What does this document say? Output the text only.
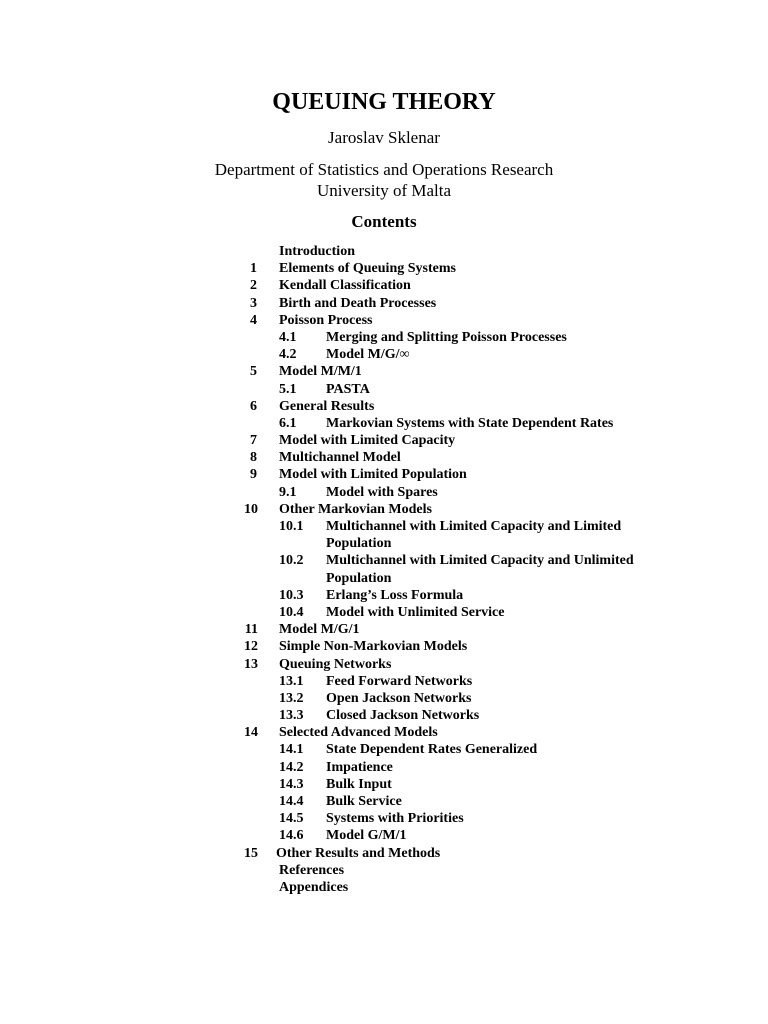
QUEUING THEORY
Jaroslav Sklenar
Department of Statistics and Operations Research
University of Malta
Contents
Introduction
1 Elements of Queuing Systems
2 Kendall Classification
3 Birth and Death Processes
4 Poisson Process
4.1 Merging and Splitting Poisson Processes
4.2 Model M/G/∞
5 Model M/M/1
5.1 PASTA
6 General Results
6.1 Markovian Systems with State Dependent Rates
7 Model with Limited Capacity
8 Multichannel Model
9 Model with Limited Population
9.1 Model with Spares
10 Other Markovian Models
10.1 Multichannel with Limited Capacity and Limited
Population
10.2 Multichannel with Limited Capacity and Unlimited
Population
10.3 Erlang’s Loss Formula
10.4 Model with Unlimited Service
11 Model M/G/1
12 Simple Non-Markovian Models
13 Queuing Networks
13.1 Feed Forward Networks
13.2 Open Jackson Networks
13.3 Closed Jackson Networks
14 Selected Advanced Models
14.1 State Dependent Rates Generalized
14.2 Impatience
14.3 Bulk Input
14.4 Bulk Service
14.5 Systems with Priorities
14.6 Model G/M/1
15 Other Results and Methods
References
Appendices
